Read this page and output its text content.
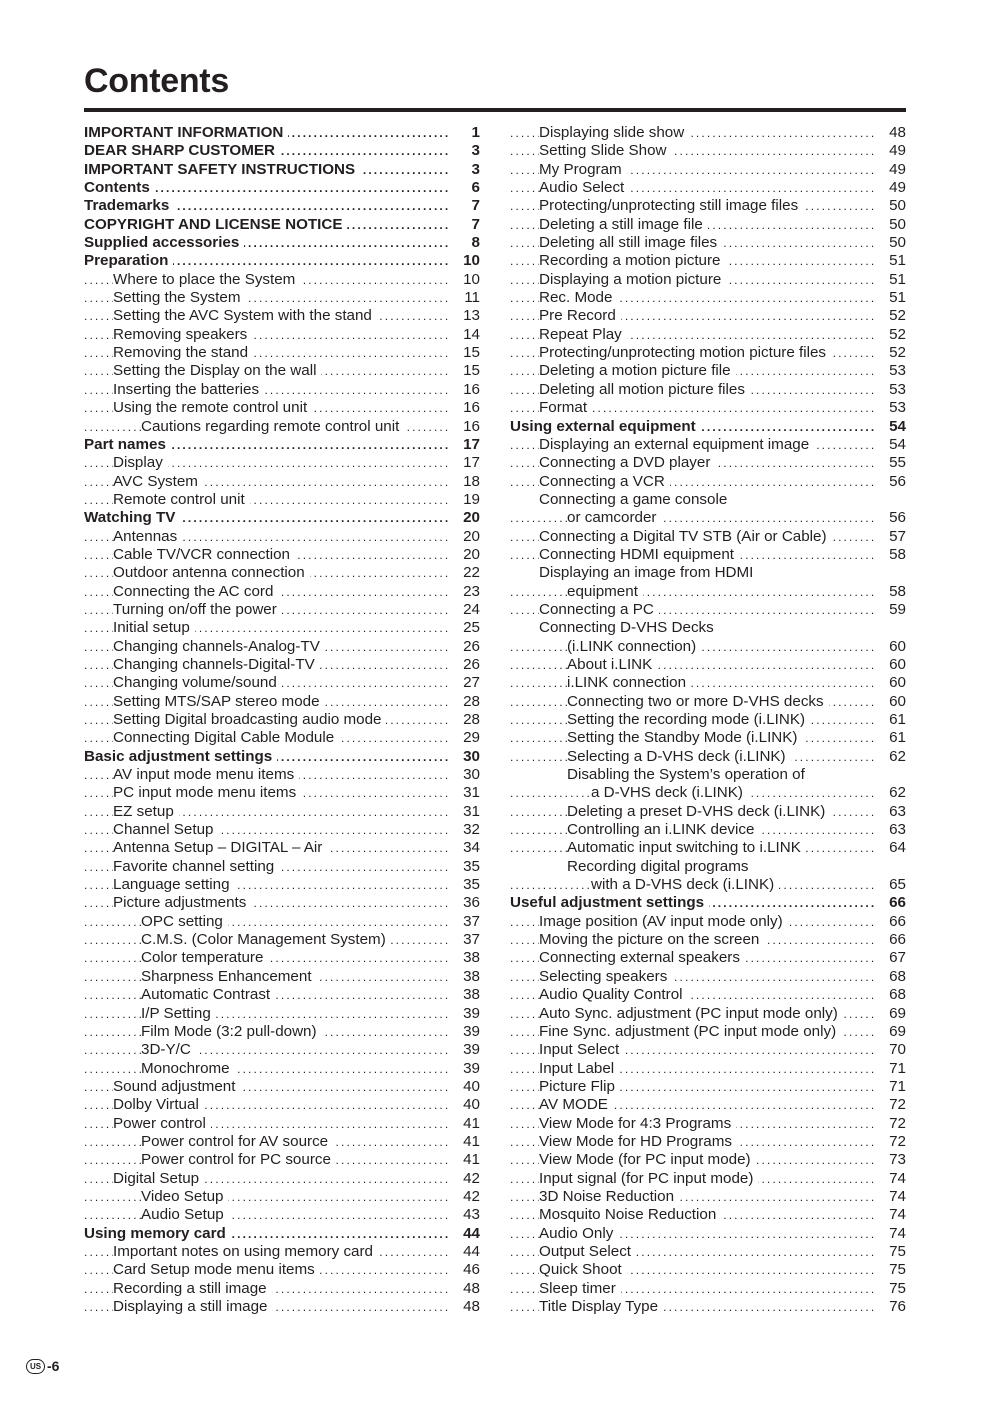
Contents
. . . IMPORTANT INFORMATION	1
. . . DEAR SHARP CUSTOMER	3
. . . IMPORTANT SAFETY INSTRUCTIONS	3
. . . Contents	6
. . . Trademarks	7
. . . COPYRIGHT AND LICENSE NOTICE	7
. . . Supplied accessories	8
. . . Preparation	10
. . . Where to place the System	10
. . . Setting the System	11
. . . Setting the AVC System with the stand	13
. . . Removing speakers	14
. . . Removing the stand	15
. . . Setting the Display on the wall	15
. . . Inserting the batteries	16
. . . Using the remote control unit	16
. . . Cautions regarding remote control unit	16
. . . Part names	17
. . . Display	17
. . . AVC System	18
. . . Remote control unit	19
. . . Watching TV	20
. . . Antennas	20
. . . Cable TV/VCR connection	20
. . . Outdoor antenna connection	22
. . . Connecting the AC cord	23
. . . Turning on/off the power	24
. . . Initial setup	25
. . . Changing channels-Analog-TV	26
. . . Changing channels-Digital-TV	26
. . . Changing volume/sound	27
. . . Setting MTS/SAP stereo mode	28
. . . Setting Digital broadcasting audio mode	28
. . . Connecting Digital Cable Module	29
. . . Basic adjustment settings	30
. . . AV input mode menu items	30
. . . PC input mode menu items	31
. . . EZ setup	31
. . . Channel Setup	32
. . . Antenna Setup – DIGITAL – Air	34
. . . Favorite channel setting	35
. . . Language setting	35
. . . Picture adjustments	36
. . . OPC setting	37
. . . C.M.S. (Color Management System)	37
. . . Color temperature	38
. . . Sharpness Enhancement	38
. . . Automatic Contrast	38
. . . I/P Setting	39
. . . Film Mode (3:2 pull-down)	39
. . . 3D-Y/C	39
. . . Monochrome	39
. . . Sound adjustment	40
. . . Dolby Virtual	40
. . . Power control	41
. . . Power control for AV source	41
. . . Power control for PC source	41
. . . Digital Setup	42
. . . Video Setup	42
. . . Audio Setup	43
. . . Using memory card	44
. . . Important notes on using memory card	44
. . . Card Setup mode menu items	46
. . . Recording a still image	48
. . . Displaying a still image	48
. . . Displaying slide show	48
. . . Setting Slide Show	49
. . . My Program	49
. . . Audio Select	49
. . . Protecting/unprotecting still image files	50
. . . Deleting a still image file	50
. . . Deleting all still image files	50
. . . Recording a motion picture	51
. . . Displaying a motion picture	51
. . . Rec. Mode	51
. . . Pre Record	52
. . . Repeat Play	52
. . . Protecting/unprotecting motion picture files	52
. . . Deleting a motion picture file	53
. . . Deleting all motion picture files	53
. . . Format	53
. . . Using external equipment	54
. . . Displaying an external equipment image	54
. . . Connecting a DVD player	55
. . . Connecting a VCR	56
Connecting a game console
. . . or camcorder	56
. . . Connecting a Digital TV STB (Air or Cable)	57
. . . Connecting HDMI equipment	58
Displaying an image from HDMI
. . . equipment	58
. . . Connecting a PC	59
Connecting D-VHS Decks
. . . (i.LINK connection)	60
. . . About i.LINK	60
. . . i.LINK connection	60
. . . Connecting two or more D-VHS decks	60
. . . Setting the recording mode (i.LINK)	61
. . . Setting the Standby Mode (i.LINK)	61
. . . Selecting a D-VHS deck (i.LINK)	62
Disabling the System’s operation of
. . . a D-VHS deck (i.LINK)	62
. . . Deleting a preset D-VHS deck (i.LINK)	63
. . . Controlling an i.LINK device	63
. . . Automatic input switching to i.LINK	64
Recording digital programs
. . . with a D-VHS deck (i.LINK)	65
. . . Useful adjustment settings	66
. . . Image position (AV input mode only)	66
. . . Moving the picture on the screen	66
. . . Connecting external speakers	67
. . . Selecting speakers	68
. . . Audio Quality Control	68
. . . Auto Sync. adjustment (PC input mode only)	69
. . . Fine Sync. adjustment (PC input mode only)	69
. . . Input Select	70
. . . Input Label	71
. . . Picture Flip	71
. . . AV MODE	72
. . . View Mode for 4:3 Programs	72
. . . View Mode for HD Programs	72
. . . View Mode (for PC input mode)	73
. . . Input signal (for PC input mode)	74
. . . 3D Noise Reduction	74
. . . Mosquito Noise Reduction	74
. . . Audio Only	74
. . . Output Select	75
. . . Quick Shoot	75
. . . Sleep timer	75
. . . Title Display Type	76
US -6
